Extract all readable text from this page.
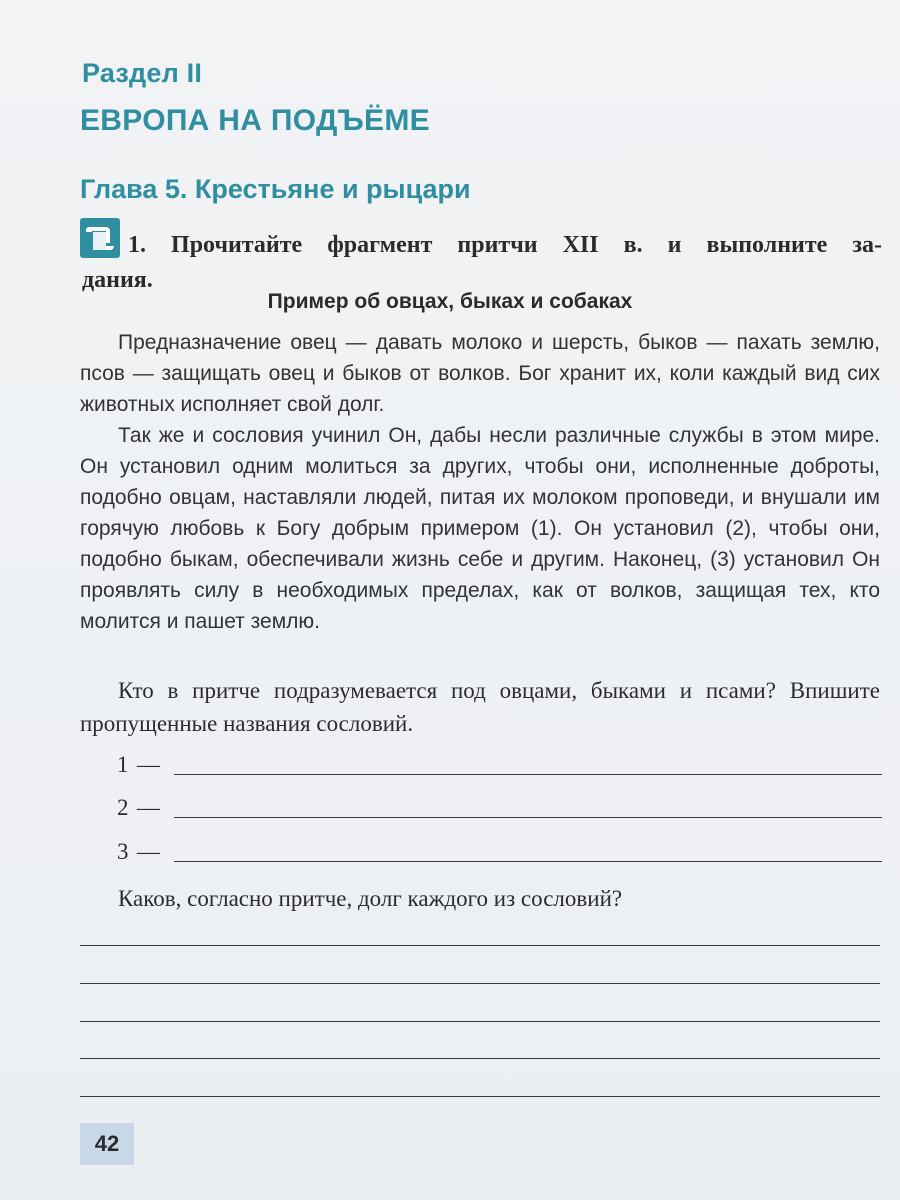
Раздел II
ЕВРОПА НА ПОДЪЁМЕ
Глава 5. Крестьяне и рыцари
1. Прочитайте фрагмент притчи XII в. и выполните за-
дания.
Пример об овцах, быках и собаках
Предназначение овец — давать молоко и шерсть, быков — пахать землю, псов — защищать овец и быков от волков. Бог хранит их, коли каждый вид сих животных исполняет свой долг.
Так же и сословия учинил Он, дабы несли различные службы в этом мире. Он установил одним молиться за других, чтобы они, исполненные доброты, подобно овцам, наставляли людей, питая их молоком проповеди, и внушали им горячую любовь к Богу добрым примером (1). Он установил (2), чтобы они, подобно быкам, обеспечивали жизнь себе и другим. Наконец, (3) установил Он проявлять силу в необходимых пределах, как от волков, защищая тех, кто молится и пашет землю.
Кто в притче подразумевается под овцами, быками и псами? Впишите пропущенные названия сословий.
1 —
2 —
3 —
Каков, согласно притче, долг каждого из сословий?
42
